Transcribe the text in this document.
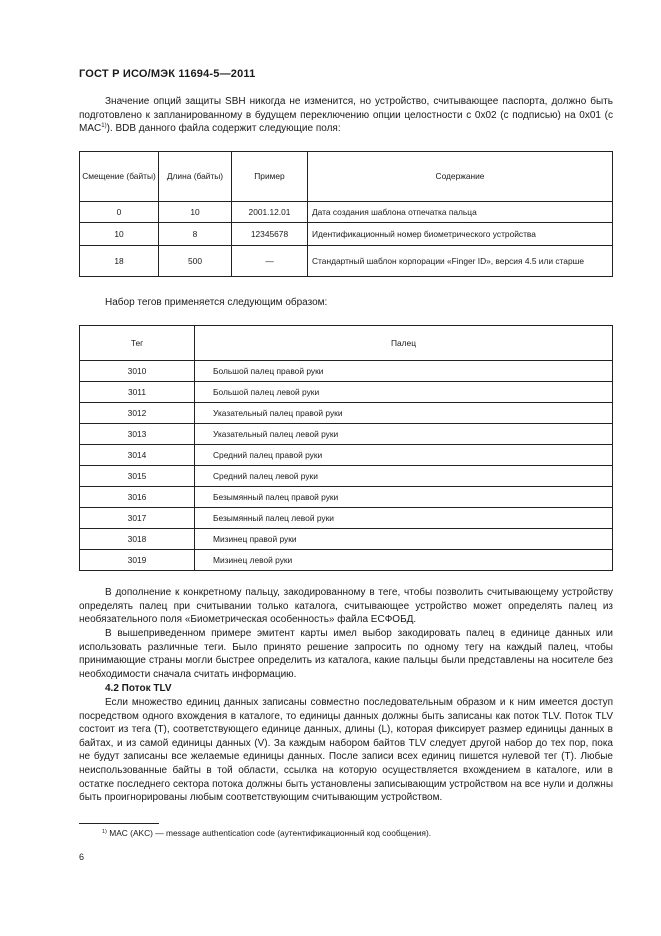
ГОСТ Р ИСО/МЭК 11694-5—2011
Значение опций защиты SBH никогда не изменится, но устройство, считывающее паспорта, должно быть подготовлено к запланированному в будущем переключению опции целостности с 0x02 (с подписью) на 0x01 (с MAC$^{1)}$). BDB данного файла содержит следующие поля:
Смещение (байты)	Длина (байты)	Пример	Содержание
0	10	2001.12.01	Дата создания шаблона отпечатка пальца
10	8	12345678	Идентификационный номер биометрического устройства
18	500	—	Стандартный шаблон корпорации «Finger ID», версия 4.5 или старше
Набор тегов применяется следующим образом:
Тег	Палец
3010	Большой палец правой руки
3011	Большой палец левой руки
3012	Указательный палец правой руки
3013	Указательный палец левой руки
3014	Средний палец правой руки
3015	Средний палец левой руки
3016	Безымянный палец правой руки
3017	Безымянный палец левой руки
3018	Мизинец правой руки
3019	Мизинец левой руки
В дополнение к конкретному пальцу, закодированному в теге, чтобы позволить считывающему устройству определять палец при считывании только каталога, считывающее устройство может определять палец из необязательного поля «Биометрическая особенность» файла ЕСФОБД.
В вышеприведенном примере эмитент карты имел выбор закодировать палец в единице данных или использовать различные теги. Было принято решение запросить по одному тегу на каждый палец, чтобы принимающие страны могли быстрее определить из каталога, какие пальцы были представлены на носителе без необходимости сначала считать информацию.
4.2 Поток TLV
Если множество единиц данных записаны совместно последовательным образом и к ним имеется доступ посредством одного вхождения в каталоге, то единицы данных должны быть записаны как поток TLV. Поток TLV состоит из тега (T), соответствующего единице данных, длины (L), которая фиксирует размер единицы данных в байтах, и из самой единицы данных (V). За каждым набором байтов TLV следует другой набор до тех пор, пока не будут записаны все желаемые единицы данных. После записи всех единиц пишется нулевой тег (T). Любые неиспользованные байты в той области, ссылка на которую осуществляется вхождением в каталоге, или в остатке последнего сектора потока должны быть установлены записывающим устройством на все нули и должны быть проигнорированы любым соответствующим считывающим устройством.
$^{1)}$ MAC (AKC) — message authentication code (аутентификационный код сообщения).
6
